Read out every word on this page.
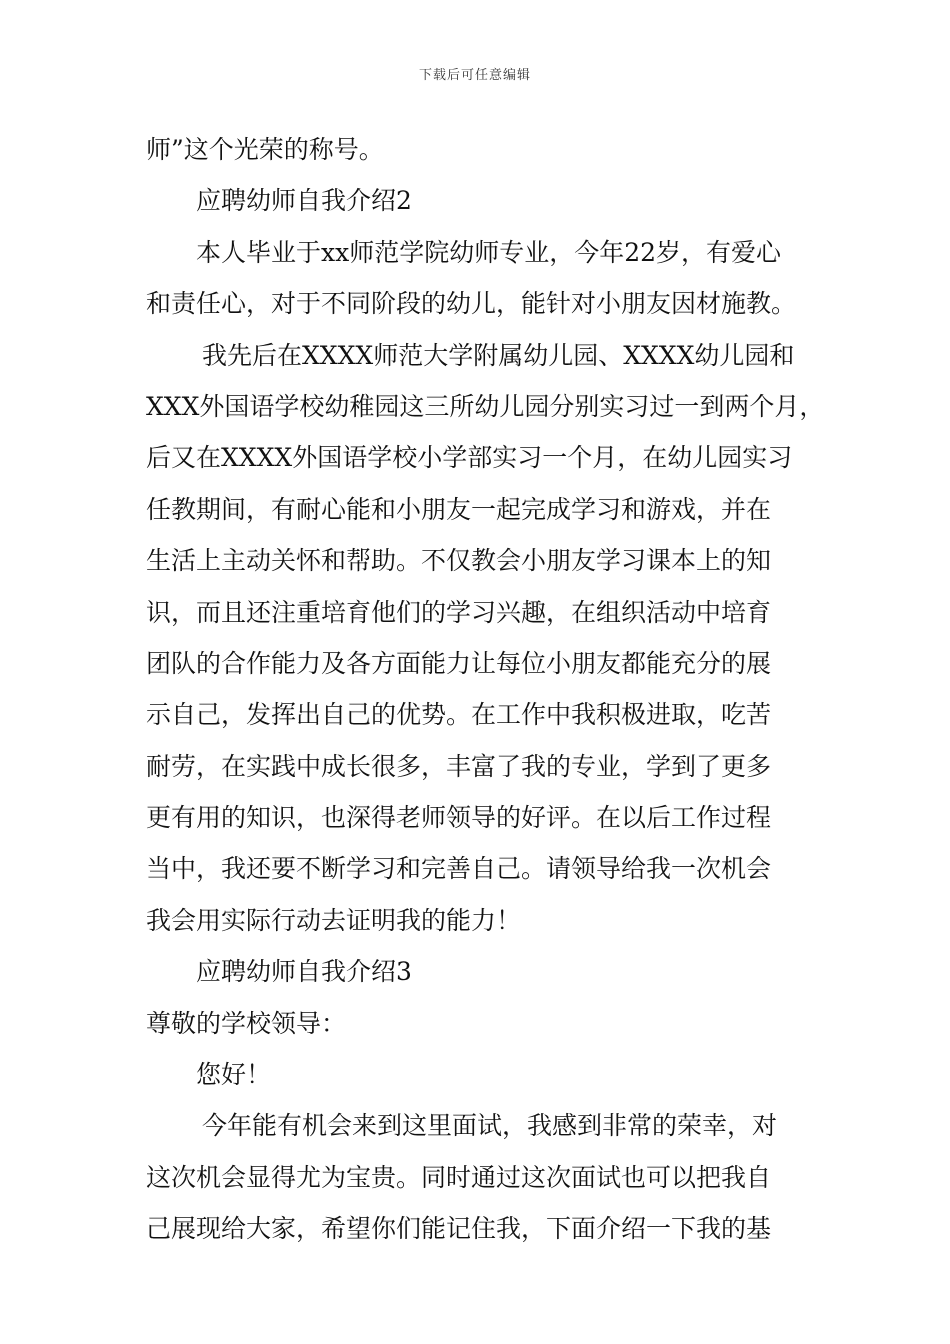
下载后可任意编辑
师”这个光荣的称号。
应聘幼师自我介绍2
本人毕业于xx师范学院幼师专业，今年22岁，有爱心
和责任心，对于不同阶段的幼儿，能针对小朋友因材施教。
我先后在XXXX师范大学附属幼儿园、XXXX幼儿园和
XXX外国语学校幼稚园这三所幼儿园分别实习过一到两个月，
后又在XXXX外国语学校小学部实习一个月，在幼儿园实习
任教期间，有耐心能和小朋友一起完成学习和游戏，并在
生活上主动关怀和帮助。不仅教会小朋友学习课本上的知
识，而且还注重培育他们的学习兴趣，在组织活动中培育
团队的合作能力及各方面能力让每位小朋友都能充分的展
示自己，发挥出自己的优势。在工作中我积极进取，吃苦
耐劳，在实践中成长很多，丰富了我的专业，学到了更多
更有用的知识，也深得老师领导的好评。在以后工作过程
当中，我还要不断学习和完善自己。请领导给我一次机会
我会用实际行动去证明我的能力！
应聘幼师自我介绍3
尊敬的学校领导：
您好！
今年能有机会来到这里面试，我感到非常的荣幸，对
这次机会显得尤为宝贵。同时通过这次面试也可以把我自
己展现给大家，希望你们能记住我，下面介绍一下我的基
